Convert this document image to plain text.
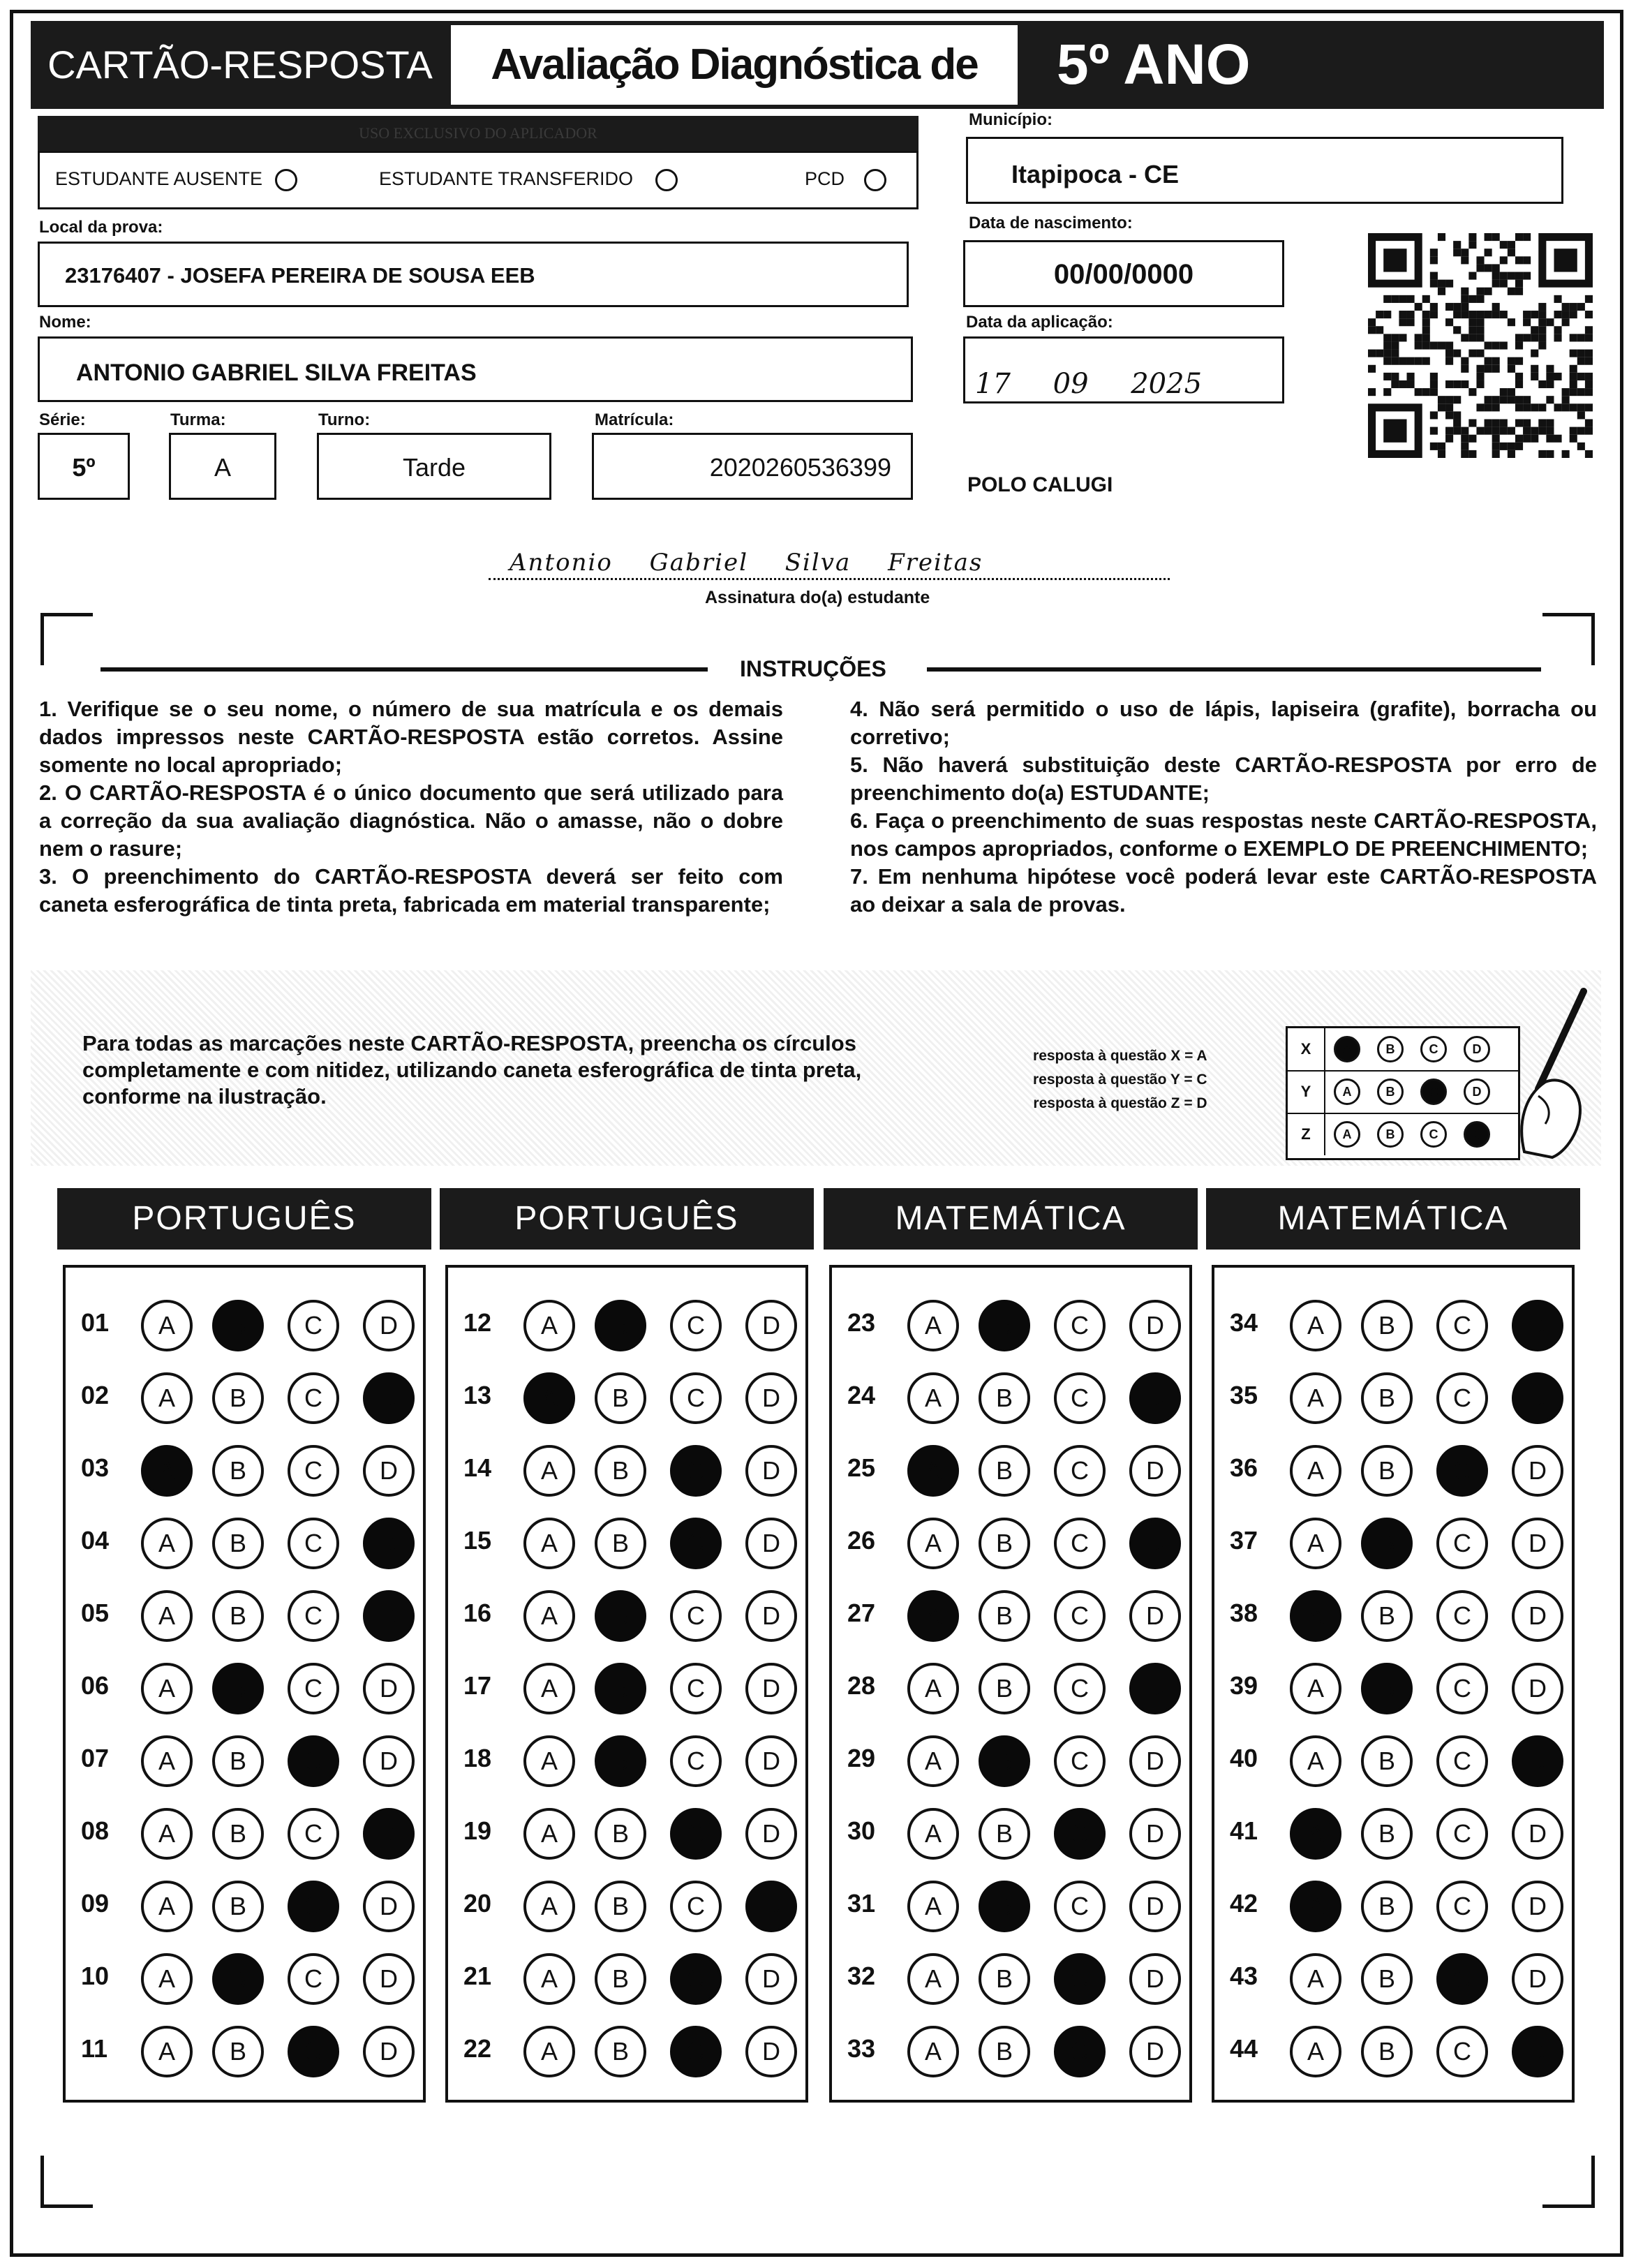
CARTÃO-RESPOSTA	Avaliação Diagnóstica de	5º ANO
USO EXCLUSIVO DO APLICADOR
ESTUDANTE AUSENTE	ESTUDANTE TRANSFERIDO	PCD
Local da prova:
23176407 - JOSEFA PEREIRA DE SOUSA EEB
Nome:
ANTONIO GABRIEL SILVA FREITAS
Série:	Turma:	Turno:	Matrícula:
5º	A	Tarde	2020260536399
Município:
Itapipoca - CE
Data de nascimento:
00/00/0000
Data da aplicação:
17 09 2025
POLO CALUGI
Antonio Gabriel Silva Freitas
Assinatura do(a) estudante
INSTRUÇÕES

1. Verifique se o seu nome, o número de sua matrícula e os demais dados impressos neste CARTÃO-RESPOSTA estão corretos. Assine somente no local apropriado;

2. O CARTÃO-RESPOSTA é o único documento que será utilizado para a correção da sua avaliação diagnóstica. Não o amasse, não o dobre nem o rasure;

3. O preenchimento do CARTÃO-RESPOSTA deverá ser feito com caneta esferográfica de tinta preta, fabricada em material transparente;

4. Não será permitido o uso de lápis, lapiseira (grafite), borracha ou corretivo;

5. Não haverá substituição deste CARTÃO-RESPOSTA por erro de preenchimento do(a) ESTUDANTE;

6. Faça o preenchimento de suas respostas neste CARTÃO-RESPOSTA, nos campos apropriados, conforme o EXEMPLO DE PREENCHIMENTO;

7. Em nenhuma hipótese você poderá levar este CARTÃO-RESPOSTA ao deixar a sala de provas.

Para todas as marcações neste CARTÃO-RESPOSTA, preencha os círculos completamente e com nitidez, utilizando caneta esferográfica de tinta preta, conforme na ilustração.
resposta à questão X = A
resposta à questão Y = C
resposta à questão Z = D
X	A	B	C	D
Y	A	B	C	D
Z	A	B	C	D
PORTUGUÊS
01	A	B	C	D
02	A	B	C	D
03	A	B	C	D
04	A	B	C	D
05	A	B	C	D
06	A	B	C	D
07	A	B	C	D
08	A	B	C	D
09	A	B	C	D
10	A	B	C	D
11	A	B	C	D
PORTUGUÊS
12	A	B	C	D
13	A	B	C	D
14	A	B	C	D
15	A	B	C	D
16	A	B	C	D
17	A	B	C	D
18	A	B	C	D
19	A	B	C	D
20	A	B	C	D
21	A	B	C	D
22	A	B	C	D
MATEMÁTICA
23	A	B	C	D
24	A	B	C	D
25	A	B	C	D
26	A	B	C	D
27	A	B	C	D
28	A	B	C	D
29	A	B	C	D
30	A	B	C	D
31	A	B	C	D
32	A	B	C	D
33	A	B	C	D
MATEMÁTICA
34	A	B	C	D
35	A	B	C	D
36	A	B	C	D
37	A	B	C	D
38	A	B	C	D
39	A	B	C	D
40	A	B	C	D
41	A	B	C	D
42	A	B	C	D
43	A	B	C	D
44	A	B	C	D
